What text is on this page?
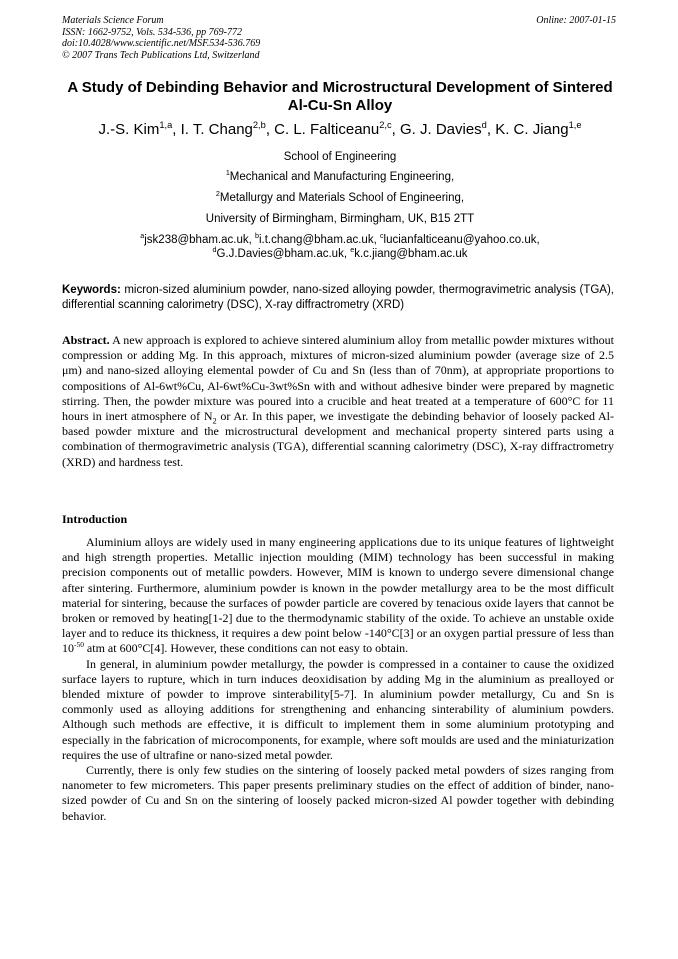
Materials Science Forum
ISSN: 1662-9752, Vols. 534-536, pp 769-772
doi:10.4028/www.scientific.net/MSF.534-536.769
© 2007 Trans Tech Publications Ltd, Switzerland
Online: 2007-01-15
A Study of Debinding Behavior and Microstructural Development of Sintered Al-Cu-Sn Alloy
J.-S. Kim$^{1,a}$, I. T. Chang$^{2,b}$, C. L. Falticeanu$^{2,c}$, G. J. Davies$^d$, K. C. Jiang$^{1,e}$
School of Engineering
$^1$Mechanical and Manufacturing Engineering,
$^2$Metallurgy and Materials School of Engineering,
University of Birmingham, Birmingham, UK, B15 2TT
$^a$jsk238@bham.ac.uk, $^b$i.t.chang@bham.ac.uk, $^c$lucianfalticeanu@yahoo.co.uk,
$^d$G.J.Davies@bham.ac.uk, $^e$k.c.jiang@bham.ac.uk
Keywords: micron-sized aluminium powder, nano-sized alloying powder, thermogravimetric analysis (TGA), differential scanning calorimetry (DSC), X-ray diffractrometry (XRD)
Abstract. A new approach is explored to achieve sintered aluminium alloy from metallic powder mixtures without compression or adding Mg. In this approach, mixtures of micron-sized aluminium powder (average size of 2.5 μm) and nano-sized alloying elemental powder of Cu and Sn (less than of 70nm), at appropriate proportions to compositions of Al-6wt%Cu, Al-6wt%Cu-3wt%Sn with and without adhesive binder were prepared by magnetic stirring. Then, the powder mixture was poured into a crucible and heat treated at a temperature of 600°C for 11 hours in inert atmosphere of $N_2$ or Ar. In this paper, we investigate the debinding behavior of loosely packed Al-based powder mixture and the microstructural development and mechanical property sintered parts using a combination of thermogravimetric analysis (TGA), differential scanning calorimetry (DSC), X-ray diffractrometry (XRD) and hardness test.
Introduction

Aluminium alloys are widely used in many engineering applications due to its unique features of lightweight and high strength properties. Metallic injection moulding (MIM) technology has been successful in making precision components out of metallic powders. However, MIM is known to undergo severe dimensional change after sintering. Furthermore, aluminium powder is known in the powder metallurgy area to be the most difficult material for sintering, because the surfaces of powder particle are covered by tenacious oxide layers that cannot be broken or removed by heating[1-2] due to the thermodynamic stability of the oxide. To achieve an unstable oxide layer and to reduce its thickness, it requires a dew point below -140°C[3] or an oxygen partial pressure of less than $10^{-50}$ atm at 600°C[4]. However, these conditions can not easy to obtain.

In general, in aluminium powder metallurgy, the powder is compressed in a container to cause the oxidized surface layers to rupture, which in turn induces deoxidisation by adding Mg in the aluminium as prealloyed or blended mixture of powder to improve sinterability[5-7]. In aluminium powder metallurgy, Cu and Sn is commonly used as alloying additions for strengthening and enhancing sinterability of aluminium powders. Although such methods are effective, it is difficult to implement them in some aluminium prototyping and especially in the fabrication of microcomponents, for example, where soft moulds are used and the miniaturization requires the use of ultrafine or nano-sized metal powder.

Currently, there is only few studies on the sintering of loosely packed metal powders of sizes ranging from nanometer to few micrometers. This paper presents preliminary studies on the effect of addition of binder, nano-sized powder of Cu and Sn on the sintering of loosely packed micron-sized Al powder together with debinding behavior.
